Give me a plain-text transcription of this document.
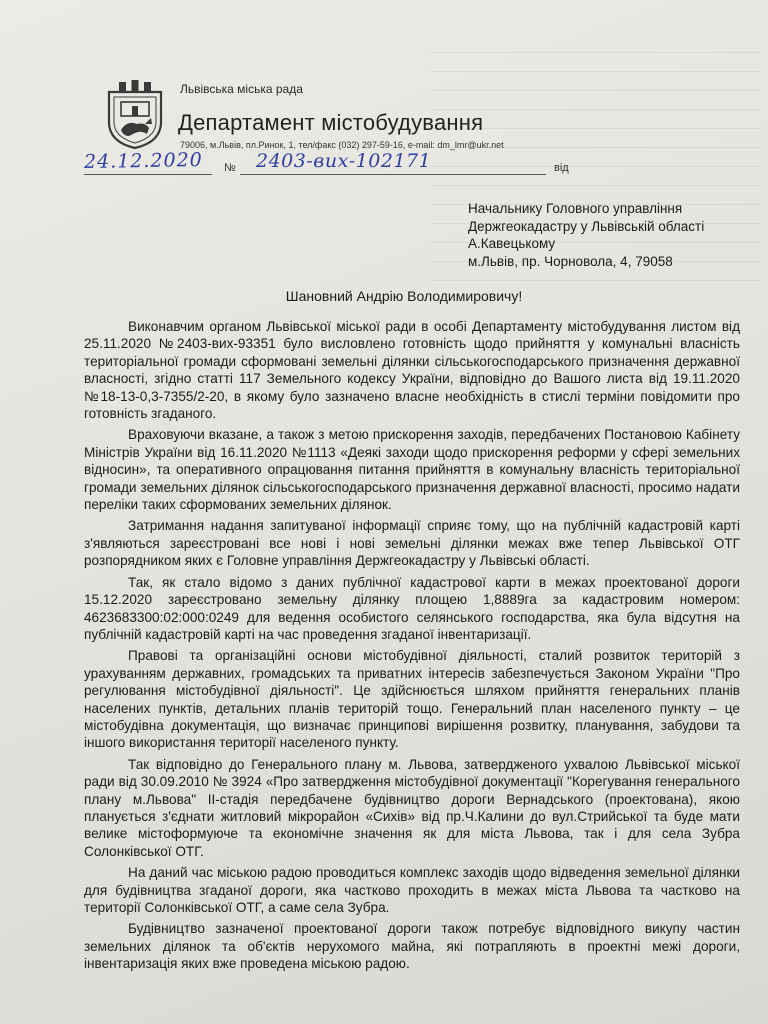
Львівська міська рада
Департамент містобудування
79006, м.Львів, пл.Ринок, 1, тел/факс (032) 297-59-16, e-mail: dm_lmr@ukr.net
24.12.2020 № 2403-вих-102171	від
Начальнику Головного управління
Держгеокадастру у Львівській області
А.Кавецькому
м.Львів, пр. Чорновола, 4, 79058
Шановний Андрію Володимировичу!

Виконавчим органом Львівської міської ради в особі Департаменту містобудування листом від 25.11.2020 №2403-вих-93351 було висловлено готовність щодо прийняття у комунальні власність територіальної громади сформовані земельні ділянки сільськогосподарського призначення державної власності, згідно статті 117 Земельного кодексу України, відповідно до Вашого листа від 19.11.2020 №18-13-0,3-7355/2-20, в якому було зазначено власне необхідність в стислі терміни повідомити про готовність згаданого.

Враховуючи вказане, а також з метою прискорення заходів, передбачених Постановою Кабінету Міністрів України від 16.11.2020 №1113 «Деякі заходи щодо прискорення реформи у сфері земельних відносин», та оперативного опрацювання питання прийняття в комунальну власність територіальної громади земельних ділянок сільськогосподарського призначення державної власності, просимо надати переліки таких сформованих земельних ділянок.

Затримання надання запитуваної інформації сприяє тому, що на публічній кадастровій карті з'являються зареєстровані все нові і нові земельні ділянки межах вже тепер Львівської ОТГ розпорядником яких є Головне управління Держгеокадастру у Львівські області.

Так, як стало відомо з даних публічної кадастрової карти в межах проектованої дороги 15.12.2020 зареєстровано земельну ділянку площею 1,8889га за кадастровим номером: 4623683300:02:000:0249 для ведення особистого селянського господарства, яка була відсутня на публічній кадастровій карті на час проведення згаданої інвентаризації.

Правові та організаційні основи містобудівної діяльності, сталий розвиток територій з урахуванням державних, громадських та приватних інтересів забезпечується Законом України "Про регулювання містобудівної діяльності". Це здійснюється шляхом прийняття генеральних планів населених пунктів, детальних планів територій тощо. Генеральний план населеного пункту – це містобудівна документація, що визначає принципові вирішення розвитку, планування, забудови та іншого використання території населеного пункту.

Так відповідно до Генерального плану м. Львова, затвердженого ухвалою Львівської міської ради від 30.09.2010 № 3924 «Про затвердження містобудівної документації "Корегування генерального плану м.Львова" ІІ-стадія передбачене будівництво дороги Вернадського (проектована), якою планується з'єднати житловий мікрорайон «Сихів» від пр.Ч.Калини до вул.Стрийської та буде мати велике містоформуюче та економічне значення як для міста Львова, так і для села Зубра Солонківської ОТГ.

На даний час міською радою проводиться комплекс заходів щодо відведення земельної ділянки для будівництва згаданої дороги, яка частково проходить в межах міста Львова та частково на території Солонківської ОТГ, а саме села Зубра.

Будівництво зазначеної проектованої дороги також потребує відповідного викупу частин земельних ділянок та об'єктів нерухомого майна, які потрапляють в проектні межі дороги, інвентаризація яких вже проведена міською радою.
